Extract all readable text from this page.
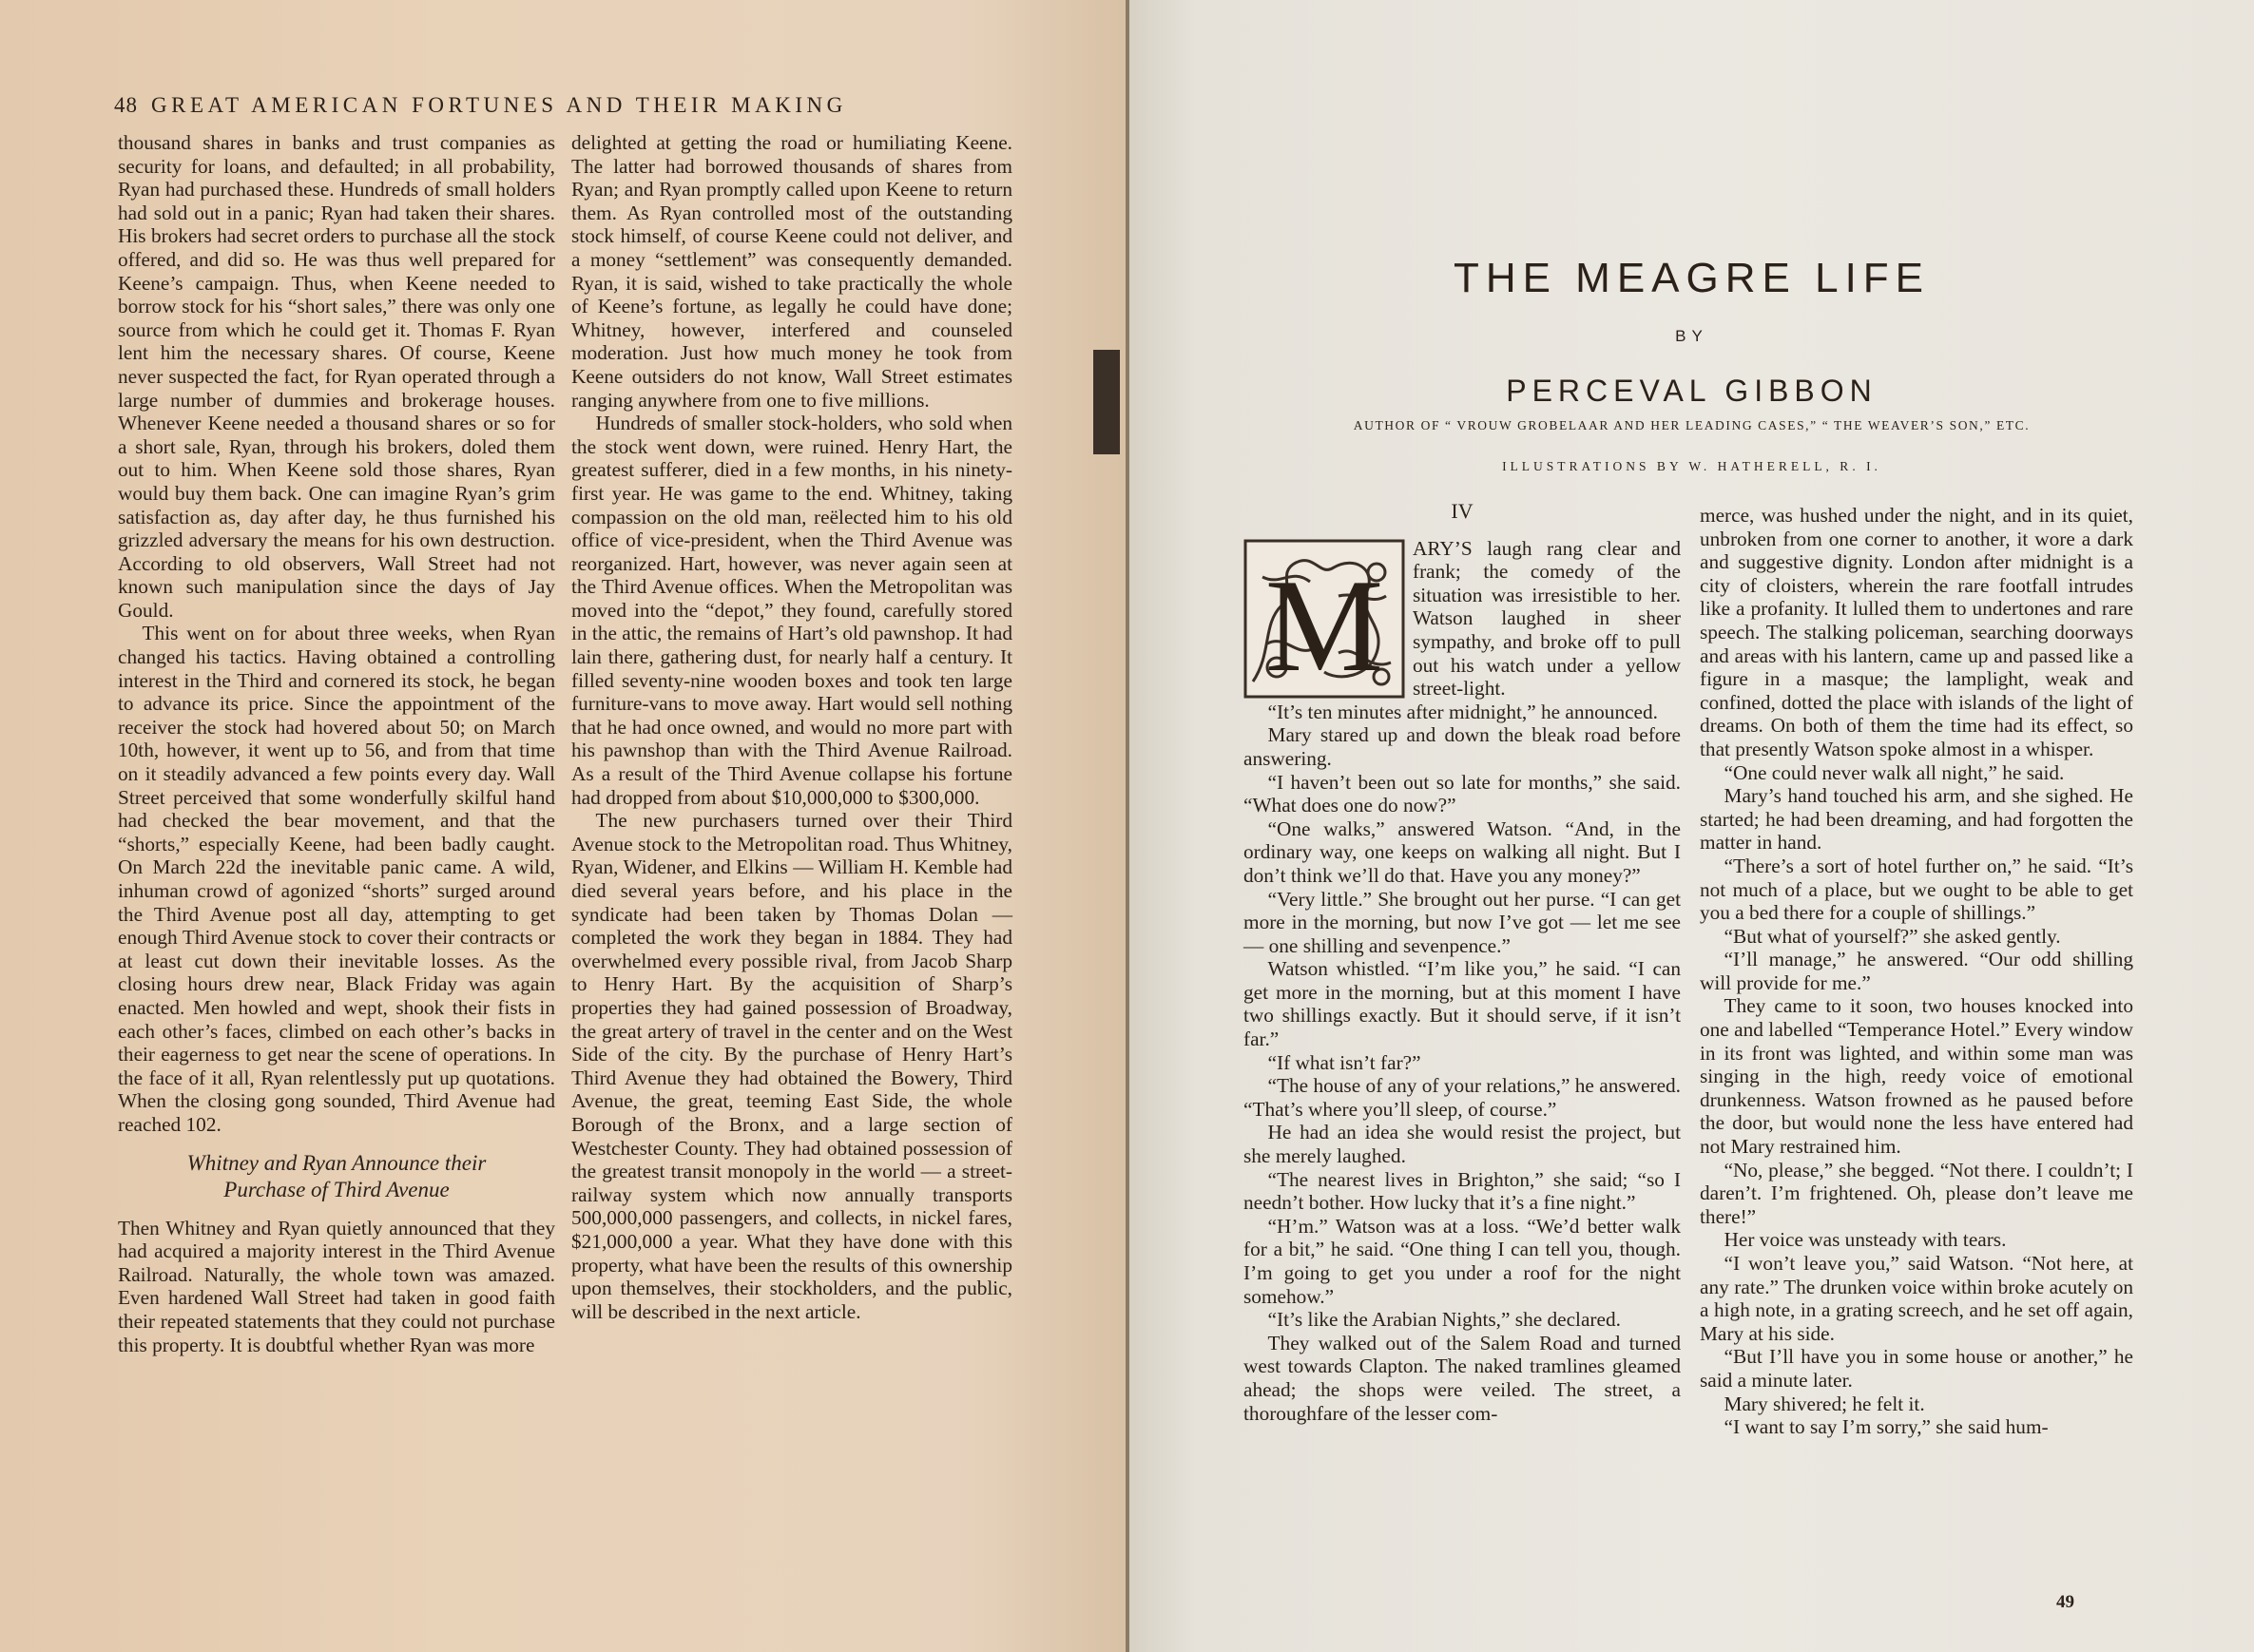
48 GREAT AMERICAN FORTUNES AND THEIR MAKING

thousand shares in banks and trust companies as security for loans, and defaulted; in all probability, Ryan had purchased these. Hundreds of small holders had sold out in a panic; Ryan had taken their shares. His brokers had secret orders to purchase all the stock offered, and did so. He was thus well prepared for Keene’s campaign. Thus, when Keene needed to borrow stock for his “short sales,” there was only one source from which he could get it. Thomas F. Ryan lent him the necessary shares. Of course, Keene never suspected the fact, for Ryan operated through a large number of dummies and brokerage houses. Whenever Keene needed a thousand shares or so for a short sale, Ryan, through his brokers, doled them out to him. When Keene sold those shares, Ryan would buy them back. One can imagine Ryan’s grim satisfaction as, day after day, he thus furnished his grizzled adversary the means for his own destruction. According to old observers, Wall Street had not known such manipulation since the days of Jay Gould.

This went on for about three weeks, when Ryan changed his tactics. Having obtained a controlling interest in the Third and cornered its stock, he began to advance its price. Since the appointment of the receiver the stock had hovered about 50; on March 10th, however, it went up to 56, and from that time on it steadily advanced a few points every day. Wall Street perceived that some wonderfully skilful hand had checked the bear movement, and that the “shorts,” especially Keene, had been badly caught. On March 22d the inevitable panic came. A wild, inhuman crowd of agonized “shorts” surged around the Third Avenue post all day, attempting to get enough Third Avenue stock to cover their contracts or at least cut down their inevitable losses. As the closing hours drew near, Black Friday was again enacted. Men howled and wept, shook their fists in each other’s faces, climbed on each other’s backs in their eagerness to get near the scene of operations. In the face of it all, Ryan relentlessly put up quotations. When the closing gong sounded, Third Avenue had reached 102.

Whitney and Ryan Announce their
Purchase of Third Avenue

Then Whitney and Ryan quietly announced that they had acquired a majority interest in the Third Avenue Railroad. Naturally, the whole town was amazed. Even hardened Wall Street had taken in good faith their repeated statements that they could not purchase this property. It is doubtful whether Ryan was more

delighted at getting the road or humiliating Keene. The latter had borrowed thousands of shares from Ryan; and Ryan promptly called upon Keene to return them. As Ryan controlled most of the outstanding stock himself, of course Keene could not deliver, and a money “settlement” was consequently demanded. Ryan, it is said, wished to take practically the whole of Keene’s fortune, as legally he could have done; Whitney, however, interfered and counseled moderation. Just how much money he took from Keene outsiders do not know, Wall Street estimates ranging anywhere from one to five millions.

Hundreds of smaller stock-holders, who sold when the stock went down, were ruined. Henry Hart, the greatest sufferer, died in a few months, in his ninety-first year. He was game to the end. Whitney, taking compassion on the old man, reëlected him to his old office of vice-president, when the Third Avenue was reorganized. Hart, however, was never again seen at the Third Avenue offices. When the Metropolitan was moved into the “depot,” they found, carefully stored in the attic, the remains of Hart’s old pawnshop. It had lain there, gathering dust, for nearly half a century. It filled seventy-nine wooden boxes and took ten large furniture-vans to move away. Hart would sell nothing that he had once owned, and would no more part with his pawnshop than with the Third Avenue Railroad. As a result of the Third Avenue collapse his fortune had dropped from about $10,000,000 to $300,000.

The new purchasers turned over their Third Avenue stock to the Metropolitan road. Thus Whitney, Ryan, Widener, and Elkins — William H. Kemble had died several years before, and his place in the syndicate had been taken by Thomas Dolan — completed the work they began in 1884. They had overwhelmed every possible rival, from Jacob Sharp to Henry Hart. By the acquisition of Sharp’s properties they had gained possession of Broadway, the great artery of travel in the center and on the West Side of the city. By the purchase of Henry Hart’s Third Avenue they had obtained the Bowery, Third Avenue, the great, teeming East Side, the whole Borough of the Bronx, and a large section of Westchester County. They had obtained possession of the greatest transit monopoly in the world — a street-railway system which now annually transports 500,000,000 passengers, and collects, in nickel fares, $21,000,000 a year. What they have done with this property, what have been the results of this ownership upon themselves, their stockholders, and the public, will be described in the next article.

THE MEAGRE LIFE
BY
PERCEVAL GIBBON
AUTHOR OF “ VROUW GROBELAAR AND HER LEADING CASES,” “ THE WEAVER’S SON,” ETC.
ILLUSTRATIONS BY W. HATHERELL, R. I.
IV
M

ARY’S laugh rang clear and frank; the comedy of the situation was irresistible to her. Watson laughed in sheer sympathy, and broke off to pull out his watch under a yellow street-light.

“It’s ten minutes after midnight,” he announced.

Mary stared up and down the bleak road before answering.

“I haven’t been out so late for months,” she said. “What does one do now?”

“One walks,” answered Watson. “And, in the ordinary way, one keeps on walking all night. But I don’t think we’ll do that. Have you any money?”

“Very little.” She brought out her purse. “I can get more in the morning, but now I’ve got — let me see — one shilling and sevenpence.”

Watson whistled. “I’m like you,” he said. “I can get more in the morning, but at this moment I have two shillings exactly. But it should serve, if it isn’t far.”

“If what isn’t far?”

“The house of any of your relations,” he answered. “That’s where you’ll sleep, of course.”

He had an idea she would resist the project, but she merely laughed.

“The nearest lives in Brighton,” she said; “so I needn’t bother. How lucky that it’s a fine night.”

“H’m.” Watson was at a loss. “We’d better walk for a bit,” he said. “One thing I can tell you, though. I’m going to get you under a roof for the night somehow.”

“It’s like the Arabian Nights,” she declared.

They walked out of the Salem Road and turned west towards Clapton. The naked tramlines gleamed ahead; the shops were veiled. The street, a thoroughfare of the lesser com-

merce, was hushed under the night, and in its quiet, unbroken from one corner to another, it wore a dark and suggestive dignity. London after midnight is a city of cloisters, wherein the rare footfall intrudes like a profanity. It lulled them to undertones and rare speech. The stalking policeman, searching doorways and areas with his lantern, came up and passed like a figure in a masque; the lamplight, weak and confined, dotted the place with islands of the light of dreams. On both of them the time had its effect, so that presently Watson spoke almost in a whisper.

“One could never walk all night,” he said.

Mary’s hand touched his arm, and she sighed. He started; he had been dreaming, and had forgotten the matter in hand.

“There’s a sort of hotel further on,” he said. “It’s not much of a place, but we ought to be able to get you a bed there for a couple of shillings.”

“But what of yourself?” she asked gently.

“I’ll manage,” he answered. “Our odd shilling will provide for me.”

They came to it soon, two houses knocked into one and labelled “Temperance Hotel.” Every window in its front was lighted, and within some man was singing in the high, reedy voice of emotional drunkenness. Watson frowned as he paused before the door, but would none the less have entered had not Mary restrained him.

“No, please,” she begged. “Not there. I couldn’t; I daren’t. I’m frightened. Oh, please don’t leave me there!”

Her voice was unsteady with tears.

“I won’t leave you,” said Watson. “Not here, at any rate.” The drunken voice within broke acutely on a high note, in a grating screech, and he set off again, Mary at his side.

“But I’ll have you in some house or another,” he said a minute later.

Mary shivered; he felt it.

“I want to say I’m sorry,” she said hum-

49
